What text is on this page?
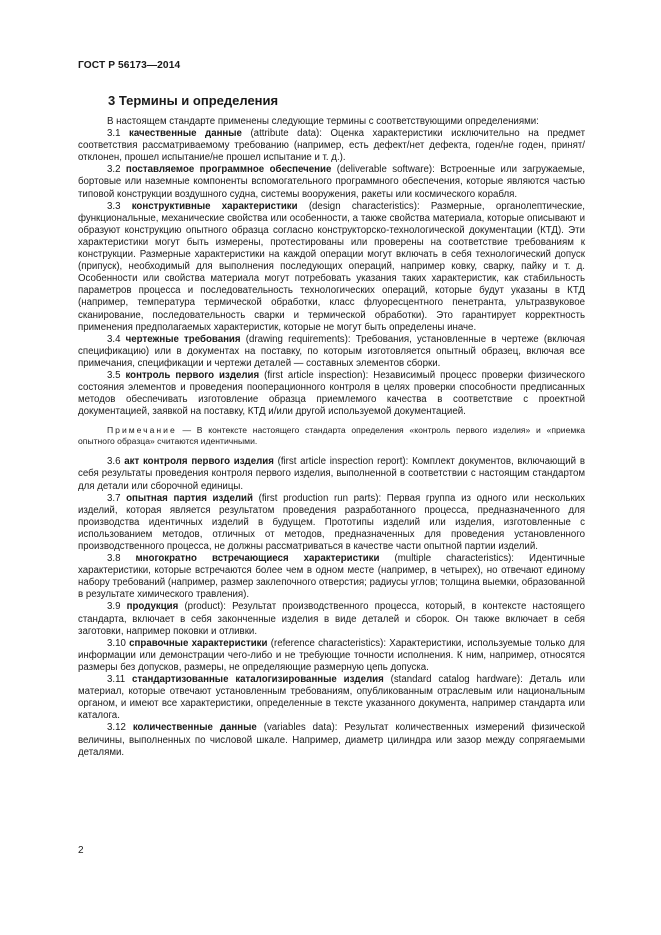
ГОСТ Р 56173—2014
3 Термины и определения

В настоящем стандарте применены следующие термины с соответствующими определениями:

3.1 качественные данные (attribute data): Оценка характеристики исключительно на предмет соответствия рассматриваемому требованию (например, есть дефект/нет дефекта, годен/не годен, принят/отклонен, прошел испытание/не прошел испытание и т. д.).

3.2 поставляемое программное обеспечение (deliverable software): Встроенные или загружаемые, бортовые или наземные компоненты вспомогательного программного обеспечения, которые являются частью типовой конструкции воздушного судна, системы вооружения, ракеты или космического корабля.

3.3 конструктивные характеристики (design characteristics): Размерные, органолептические, функциональные, механические свойства или особенности, а также свойства материала, которые описывают и образуют конструкцию опытного образца согласно конструкторско-технологической документации (КТД). Эти характеристики могут быть измерены, протестированы или проверены на соответствие требованиям к конструкции. Размерные характеристики на каждой операции могут включать в себя технологический допуск (припуск), необходимый для выполнения последующих операций, например ковку, сварку, пайку и т. д. Особенности или свойства материала могут потребовать указания таких характеристик, как стабильность параметров процесса и последовательность технологических операций, которые будут указаны в КТД (например, температура термической обработки, класс флуоресцентного пенетранта, ультразвуковое сканирование, последовательность сварки и термической обработки). Это гарантирует корректность применения предполагаемых характеристик, которые не могут быть определены иначе.

3.4 чертежные требования (drawing requirements): Требования, установленные в чертеже (включая спецификацию) или в документах на поставку, по которым изготовляется опытный образец, включая все примечания, спецификации и чертежи деталей — составных элементов сборки.

3.5 контроль первого изделия (first article inspection): Независимый процесс проверки физического состояния элементов и проведения пооперационного контроля в целях проверки способности предписанных методов обеспечивать изготовление образца приемлемого качества в соответствие с проектной документацией, заявкой на поставку, КТД и/или другой используемой документацией.

Примечание — В контексте настоящего стандарта определения «контроль первого изделия» и «приемка опытного образца» считаются идентичными.

3.6 акт контроля первого изделия (first article inspection report): Комплект документов, включающий в себя результаты проведения контроля первого изделия, выполненной в соответствии с настоящим стандартом для детали или сборочной единицы.

3.7 опытная партия изделий (first production run parts): Первая группа из одного или нескольких изделий, которая является результатом проведения разработанного процесса, предназначенного для производства идентичных изделий в будущем. Прототипы изделий или изделия, изготовленные с использованием методов, отличных от методов, предназначенных для проведения установленного производственного процесса, не должны рассматриваться в качестве части опытной партии изделий.

3.8 многократно встречающиеся характеристики (multiple characteristics): Идентичные характеристики, которые встречаются более чем в одном месте (например, в четырех), но отвечают единому набору требований (например, размер заклепочного отверстия; радиусы углов; толщина выемки, образованной в результате химического травления).

3.9 продукция (product): Результат производственного процесса, который, в контексте настоящего стандарта, включает в себя законченные изделия в виде деталей и сборок. Он также включает в себя заготовки, например поковки и отливки.

3.10 справочные характеристики (reference characteristics): Характеристики, используемые только для информации или демонстрации чего-либо и не требующие точности исполнения. К ним, например, относятся размеры без допусков, размеры, не определяющие размерную цепь допуска.

3.11 стандартизованные каталогизированные изделия (standard catalog hardware): Деталь или материал, которые отвечают установленным требованиям, опубликованным отраслевым или национальным органом, и имеют все характеристики, определенные в тексте указанного документа, например стандарта или каталога.

3.12 количественные данные (variables data): Результат количественных измерений физической величины, выполненных по числовой шкале. Например, диаметр цилиндра или зазор между сопрягаемыми деталями.

2
